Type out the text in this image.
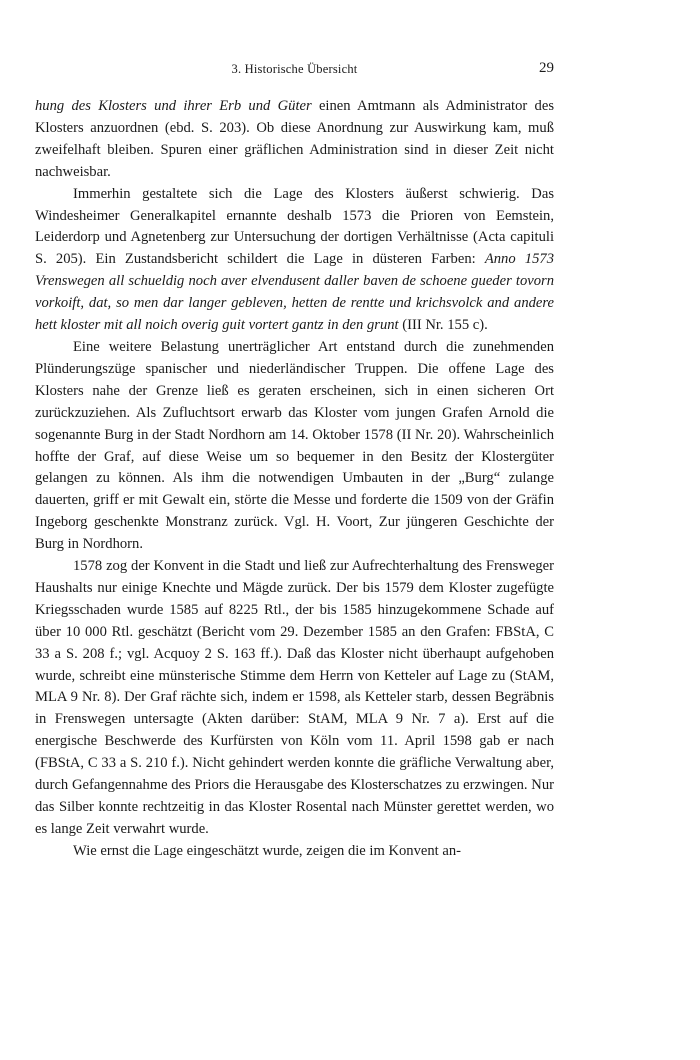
3. Historische Übersicht	29

hung des Klosters und ihrer Erb und Güter einen Amtmann als Administrator des Klosters anzuordnen (ebd. S. 203). Ob diese Anordnung zur Auswirkung kam, muß zweifelhaft bleiben. Spuren einer gräflichen Administration sind in dieser Zeit nicht nachweisbar.

Immerhin gestaltete sich die Lage des Klosters äußerst schwierig. Das Windesheimer Generalkapitel ernannte deshalb 1573 die Prioren von Eemstein, Leiderdorp und Agnetenberg zur Untersuchung der dortigen Verhältnisse (Acta capituli S. 205). Ein Zustandsbericht schildert die Lage in düsteren Farben: Anno 1573 Vrenswegen all schueldig noch aver elvendusent daller baven de schoene gueder tovorn vorkoift, dat, so men dar langer gebleven, hetten de rentte und krichsvolck and andere hett kloster mit all noich overig guit vortert gantz in den grunt (III Nr. 155 c).

Eine weitere Belastung unerträglicher Art entstand durch die zunehmenden Plünderungszüge spanischer und niederländischer Truppen. Die offene Lage des Klosters nahe der Grenze ließ es geraten erscheinen, sich in einen sicheren Ort zurückzuziehen. Als Zufluchtsort erwarb das Kloster vom jungen Grafen Arnold die sogenannte Burg in der Stadt Nordhorn am 14. Oktober 1578 (II Nr. 20). Wahrscheinlich hoffte der Graf, auf diese Weise um so bequemer in den Besitz der Klostergüter gelangen zu können. Als ihm die notwendigen Umbauten in der „Burg“ zulange dauerten, griff er mit Gewalt ein, störte die Messe und forderte die 1509 von der Gräfin Ingeborg geschenkte Monstranz zurück. Vgl. H. Voort, Zur jüngeren Geschichte der Burg in Nordhorn.

1578 zog der Konvent in die Stadt und ließ zur Aufrechterhaltung des Frensweger Haushalts nur einige Knechte und Mägde zurück. Der bis 1579 dem Kloster zugefügte Kriegsschaden wurde 1585 auf 8225 Rtl., der bis 1585 hinzugekommene Schade auf über 10 000 Rtl. geschätzt (Bericht vom 29. Dezember 1585 an den Grafen: FBStA, C 33 a S. 208 f.; vgl. Acquoy 2 S. 163 ff.). Daß das Kloster nicht überhaupt aufgehoben wurde, schreibt eine münsterische Stimme dem Herrn von Ketteler auf Lage zu (StAM, MLA 9 Nr. 8). Der Graf rächte sich, indem er 1598, als Ketteler starb, dessen Begräbnis in Frenswegen untersagte (Akten darüber: StAM, MLA 9 Nr. 7 a). Erst auf die energische Beschwerde des Kurfürsten von Köln vom 11. April 1598 gab er nach (FBStA, C 33 a S. 210 f.). Nicht gehindert werden konnte die gräfliche Verwaltung aber, durch Gefangennahme des Priors die Herausgabe des Klosterschatzes zu erzwingen. Nur das Silber konnte rechtzeitig in das Kloster Rosental nach Münster gerettet werden, wo es lange Zeit verwahrt wurde.

Wie ernst die Lage eingeschätzt wurde, zeigen die im Konvent an-
